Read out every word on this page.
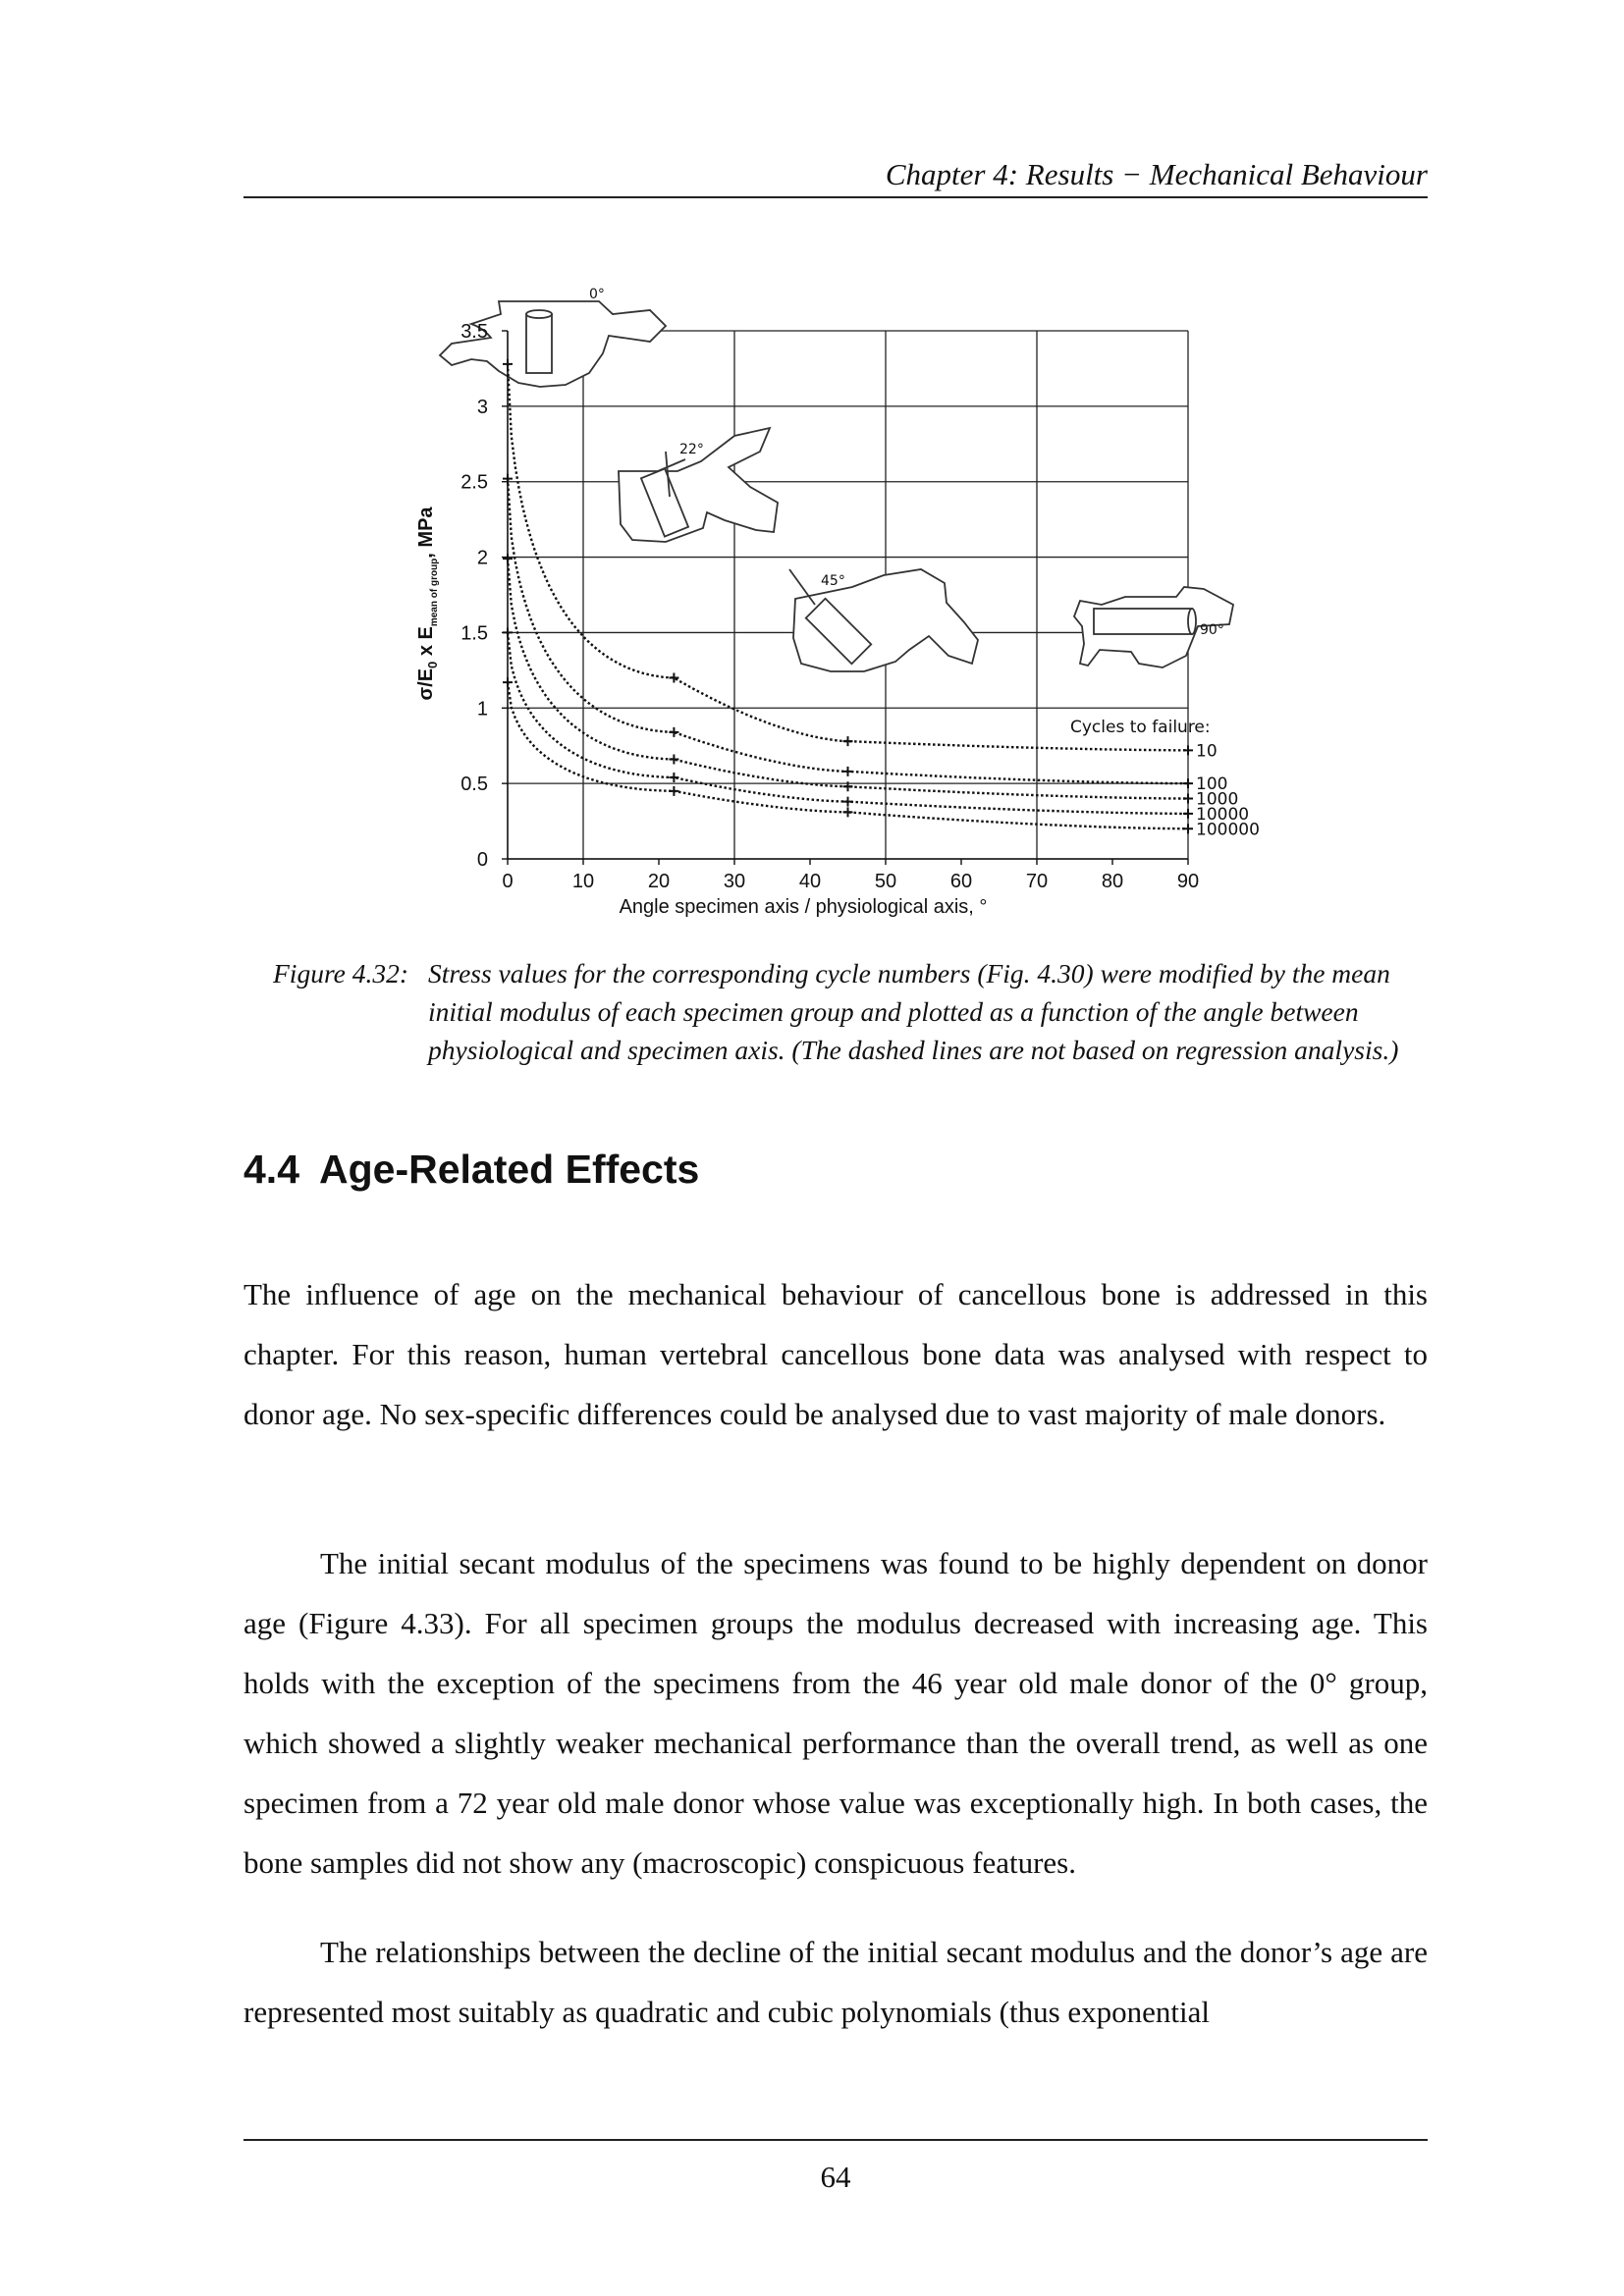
Chapter 4: Results − Mechanical Behaviour
0°
22°
45°
90°
10
100
1000
10000
100000
0
0.5
1
1.5
2
2.5
3
3.5
0	10	20	30	40	50	60	70	80	90
Cycles to failure:
$\sigma/E_0$ x $E_{mean of group}$, MPa
Angle specimen axis / physiological axis, °
Figure 4.32: Stress values for the corresponding cycle numbers (Fig. 4.30) were modified by the mean initial modulus of each specimen group and plotted as a function of the angle between physiological and specimen axis. (The dashed lines are not based on regression analysis.)
4.4 Age-Related Effects

The influence of age on the mechanical behaviour of cancellous bone is addressed in this chapter. For this reason, human vertebral cancellous bone data was analysed with respect to donor age. No sex-specific differences could be analysed due to vast majority of male donors.

The initial secant modulus of the specimens was found to be highly dependent on donor age (Figure 4.33). For all specimen groups the modulus decreased with increasing age. This holds with the exception of the specimens from the 46 year old male donor of the 0° group, which showed a slightly weaker mechanical performance than the overall trend, as well as one specimen from a 72 year old male donor whose value was exceptionally high. In both cases, the bone samples did not show any (macroscopic) conspicuous features.

The relationships between the decline of the initial secant modulus and the donor’s age are represented most suitably as quadratic and cubic polynomials (thus exponential

64
